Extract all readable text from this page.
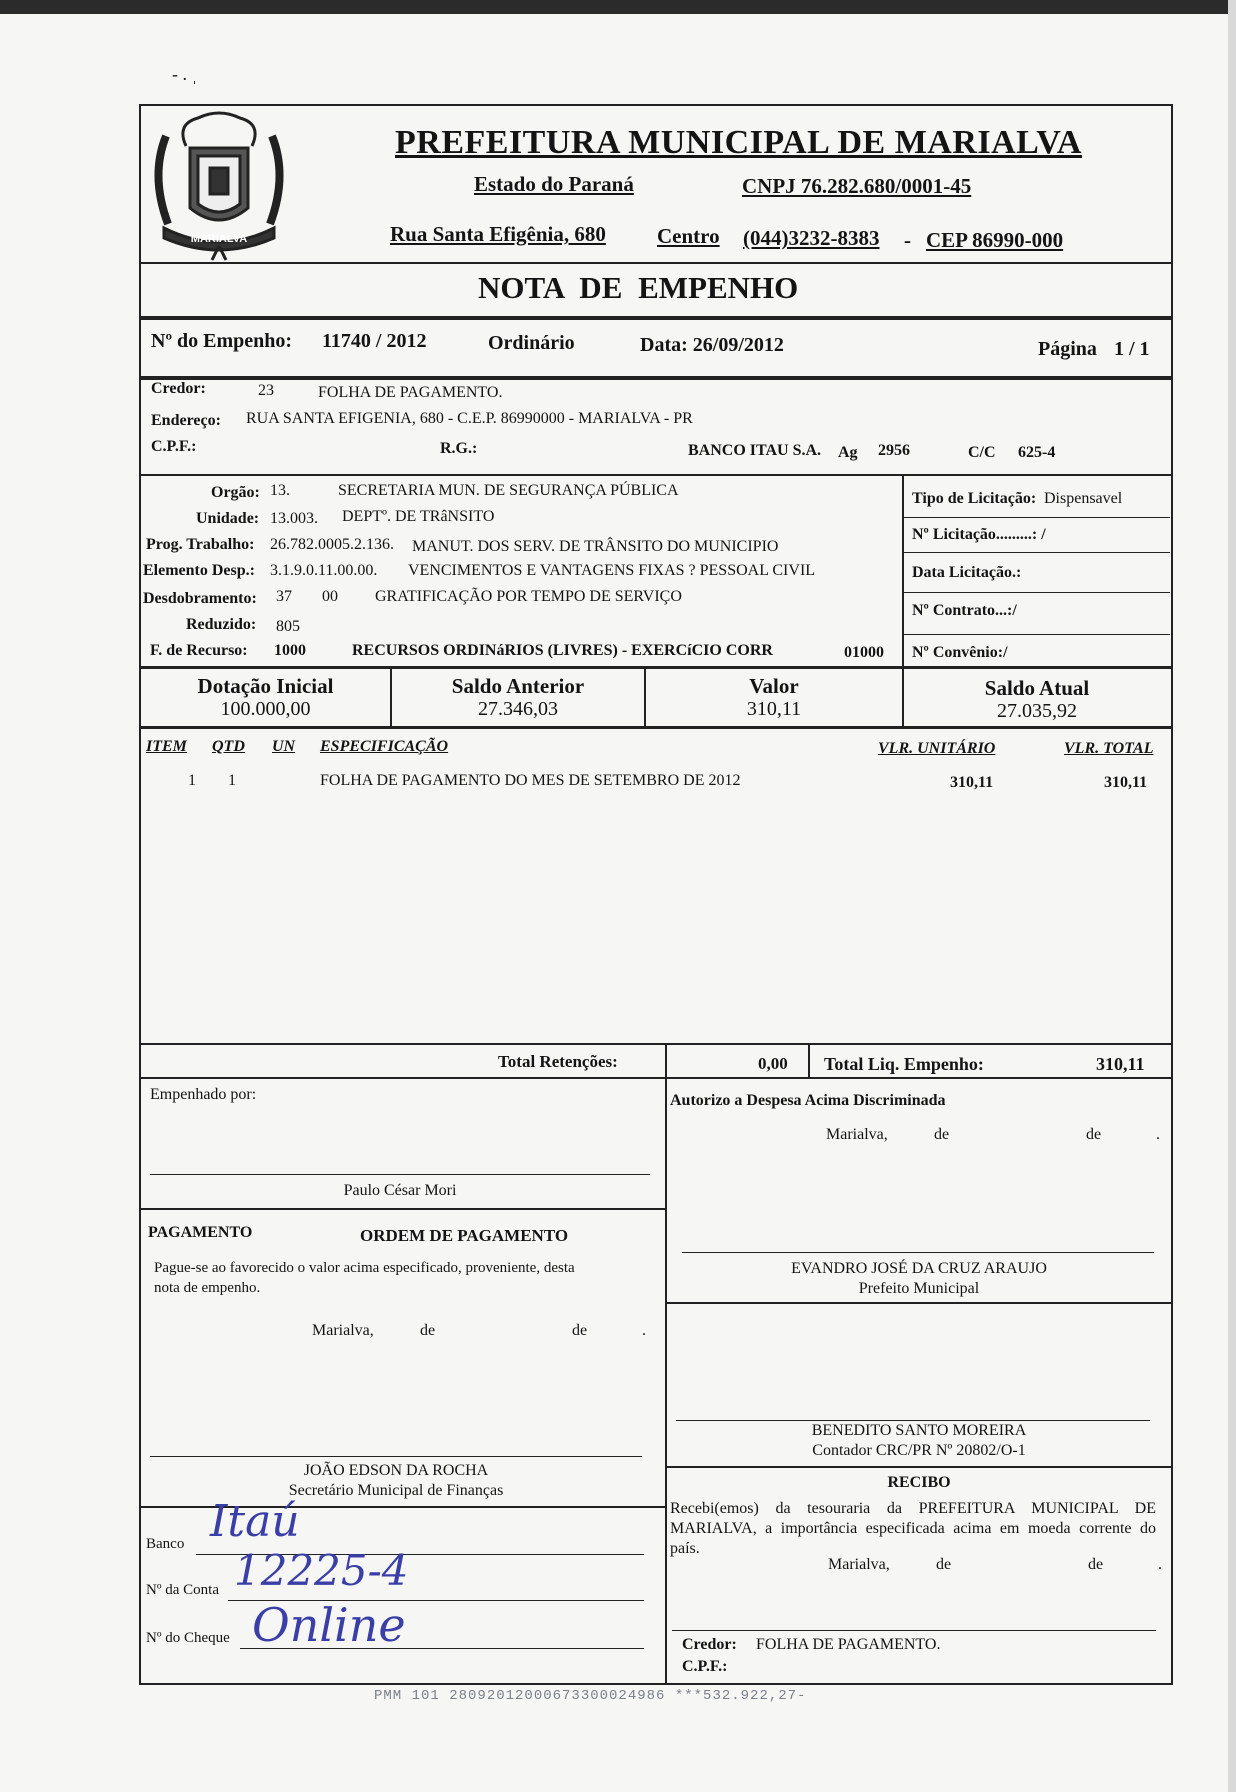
- . ˌ
MARIALVA
PREFEITURA MUNICIPAL DE MARIALVA
Estado do Paraná	CNPJ 76.282.680/0001-45
Rua Santa Efigênia, 680 Centro (044)3232-8383 - CEP 86990-000
NOTA DE EMPENHO
Nº do Empenho: 11740 / 2012	Ordinário	Data: 26/09/2012	Página 1 / 1
Credor:	23	FOLHA DE PAGAMENTO.
Endereço: RUA SANTA EFIGENIA, 680 - C.E.P. 86990000 - MARIALVA - PR
C.P.F.:	R.G.:	BANCO ITAU S.A. Ag 2956	C/C 625-4
Orgão: 13.	SECRETARIA MUN. DE SEGURANÇA PÚBLICA
Unidade: 13.003. DEPTº. DE TRâNSITO
Prog. Trabalho: 26.782.0005.2.136. MANUT. DOS SERV. DE TRÂNSITO DO MUNICIPIO
Elemento Desp.: 3.1.9.0.11.00.00. VENCIMENTOS E VANTAGENS FIXAS ? PESSOAL CIVIL
Desdobramento: 37 00 GRATIFICAÇÃO POR TEMPO DE SERVIÇO
Reduzido: 805
F. de Recurso: 1000	RECURSOS ORDINáRIOS (LIVRES) - EXERCíCIO CORR	01000
Tipo de Licitação: Dispensavel
Nº Licitação.........: /
Data Licitação.:
Nº Contrato...:/
Nº Convênio:/
Dotação Inicial
100.000,00
Saldo Anterior
27.346,03
Valor
310,11
Saldo Atual
27.035,92
ITEM QTD UN ESPECIFICAÇÃO	VLR. UNITÁRIO	VLR. TOTAL
1 1	FOLHA DE PAGAMENTO DO MES DE SETEMBRO DE 2012	310,11	310,11
Total Retenções:	0,00 Total Liq. Empenho:	310,11
Empenhado por:
Paulo César Mori
Autorizo a Despesa Acima Discriminada
Marialva,	de	de	.
EVANDRO JOSÉ DA CRUZ ARAUJO
Prefeito Municipal
PAGAMENTO	ORDEM DE PAGAMENTO
Pague-se ao favorecido o valor acima especificado, proveniente, desta
nota de empenho.
Marialva,	de	de	.
JOÃO EDSON DA ROCHA
Secretário Municipal de Finanças
BENEDITO SANTO MOREIRA
Contador CRC/PR Nº 20802/O-1
RECIBO
Recebi(emos) da tesouraria da PREFEITURA MUNICIPAL DE
MARIALVA, a importância especificada acima em moeda corrente do
país.
Marialva,	de	de	.
Credor: FOLHA DE PAGAMENTO.
C.P.F.:
Banco Itaú
Nº da Conta 12225-4
Nº do Cheque Online
PMM 101 28092012000673300024986 ***532.922,27-
